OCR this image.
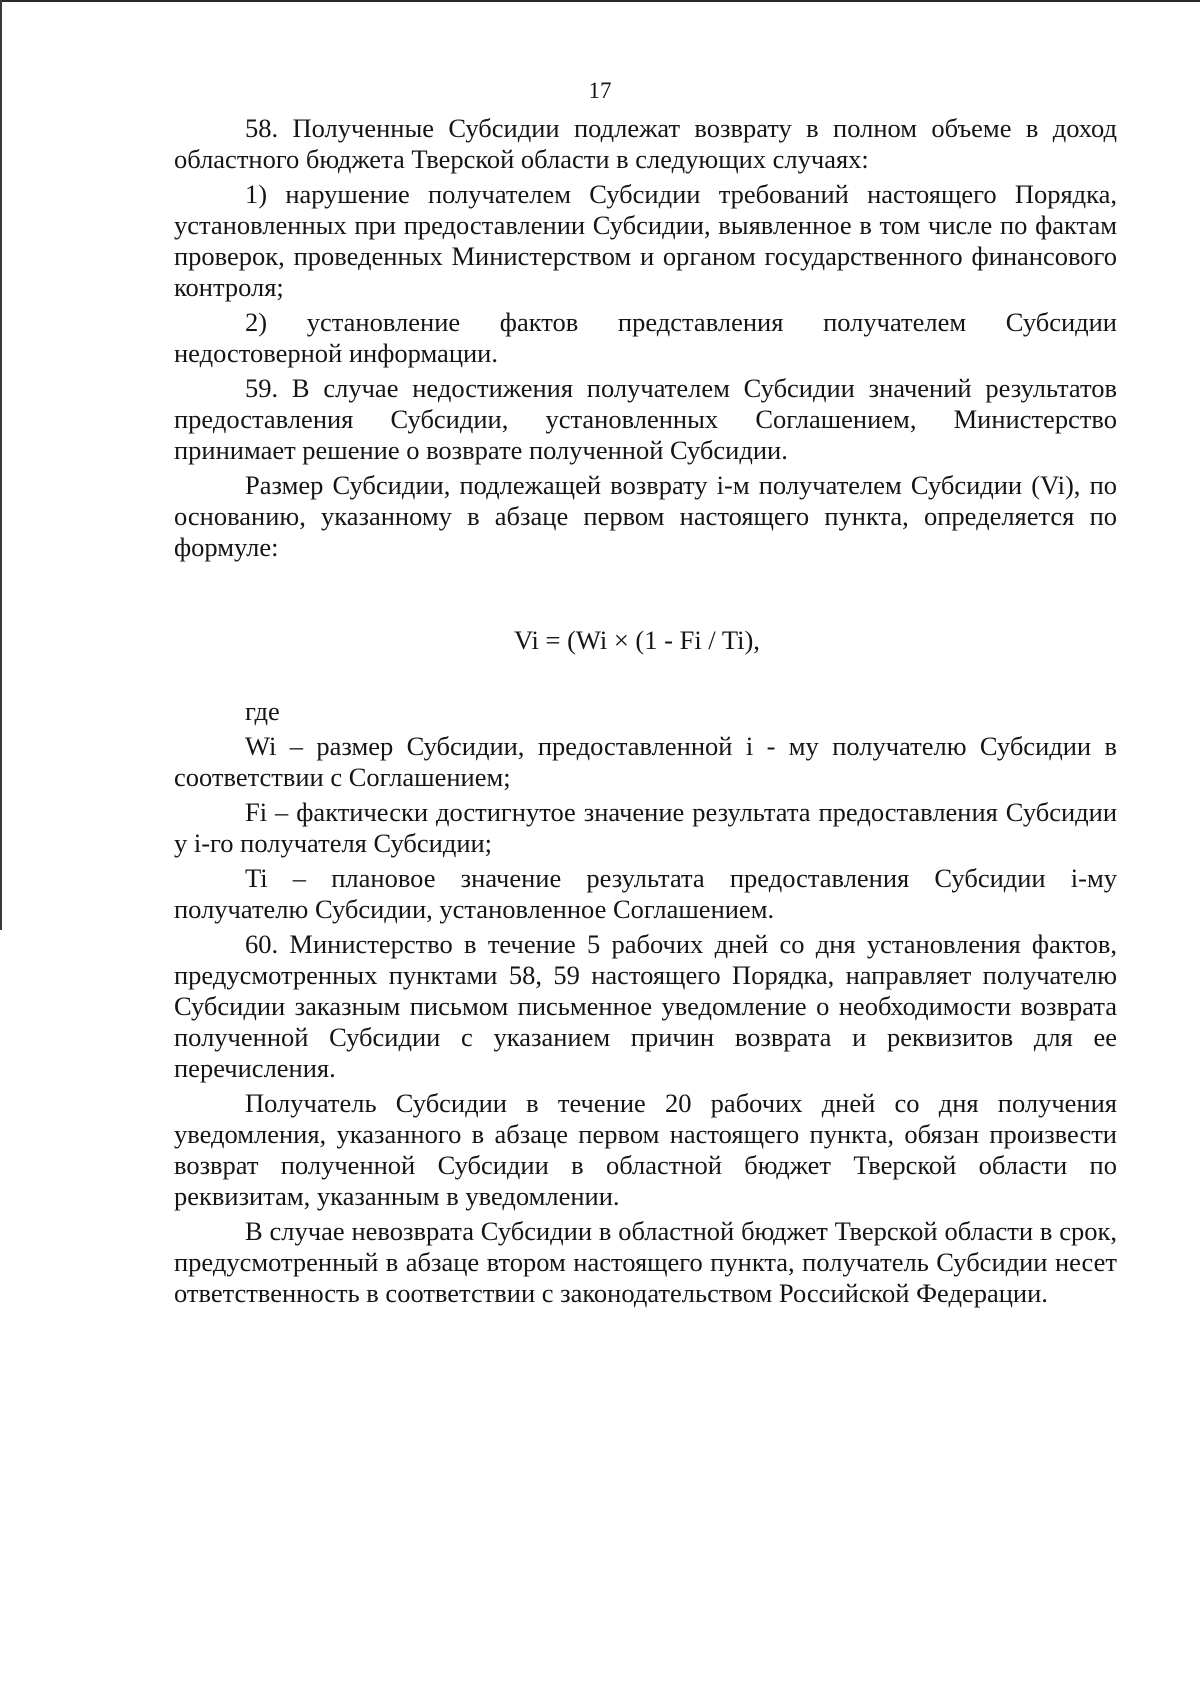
17

58. Полученные Субсидии подлежат возврату в полном объеме в доход областного бюджета Тверской области в следующих случаях:

1) нарушение получателем Субсидии требований настоящего Порядка, установленных при предоставлении Субсидии, выявленное в том числе по фактам проверок, проведенных Министерством и органом государственного финансового контроля;

2) установление фактов представления получателем Субсидии недостоверной информации.

59. В случае недостижения получателем Субсидии значений результатов предоставления Субсидии, установленных Соглашением, Министерство принимает решение о возврате полученной Субсидии.

Размер Субсидии, подлежащей возврату i-м получателем Субсидии (Vi), по основанию, указанному в абзаце первом настоящего пункта, определяется по формуле:

Vi = (Wi × (1 - Fi / Ti),

где

Wi – размер Субсидии, предоставленной i - му получателю Субсидии в соответствии с Соглашением;

Fi – фактически достигнутое значение результата предоставления Субсидии у i-го получателя Субсидии;

Ti – плановое значение результата предоставления Субсидии i-му получателю Субсидии, установленное Соглашением.

60. Министерство в течение 5 рабочих дней со дня установления фактов, предусмотренных пунктами 58, 59 настоящего Порядка, направляет получателю Субсидии заказным письмом письменное уведомление о необходимости возврата полученной Субсидии с указанием причин возврата и реквизитов для ее перечисления.

Получатель Субсидии в течение 20 рабочих дней со дня получения уведомления, указанного в абзаце первом настоящего пункта, обязан произвести возврат полученной Субсидии в областной бюджет Тверской области по реквизитам, указанным в уведомлении.

В случае невозврата Субсидии в областной бюджет Тверской области в срок, предусмотренный в абзаце втором настоящего пункта, получатель Субсидии несет ответственность в соответствии с законодательством Российской Федерации.
